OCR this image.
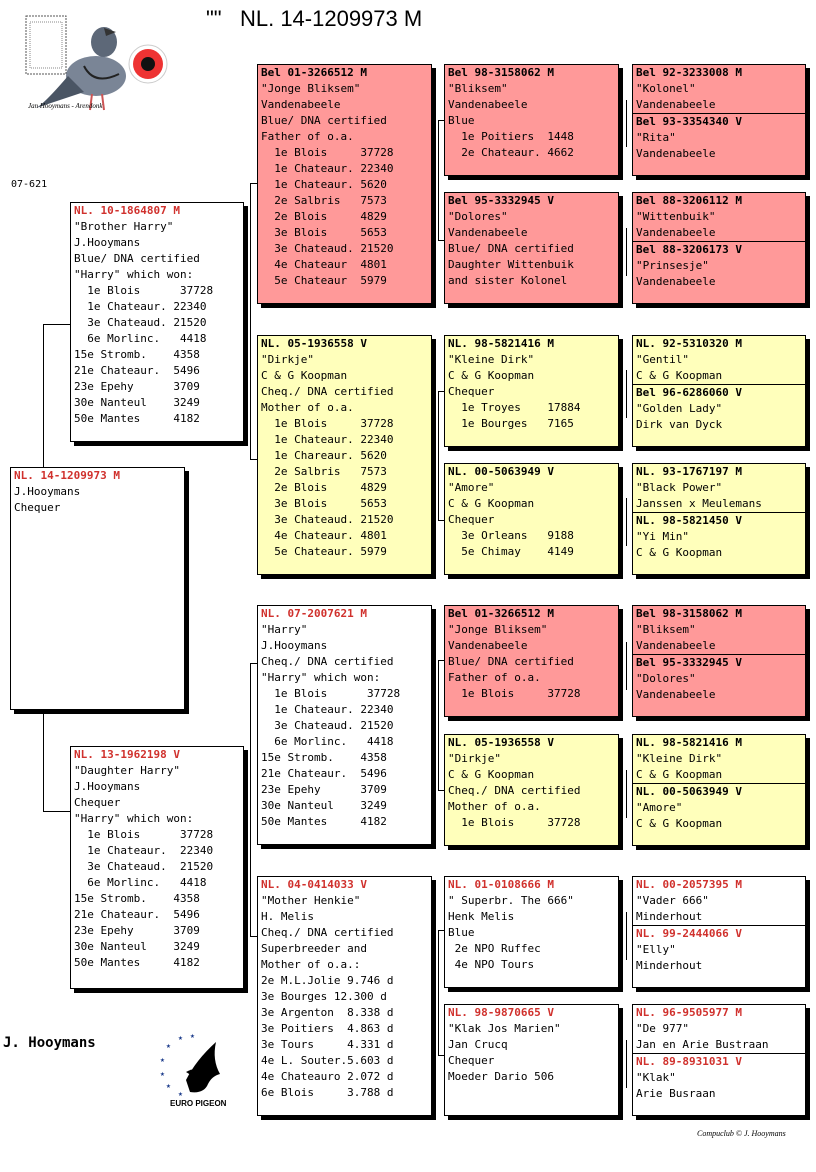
"" NL. 14-1209973 M
Jan Hooymans - Arendonk
07-621
J. Hooymans	★ ★
★
★
★
★
★
EURO PIGEON
Compuclub © J. Hooymans
NL. 14-1209973 M
J.Hooymans
Chequer
NL. 10-1864807 M
"Brother Harry"
J.Hooymans
Blue/ DNA certified
"Harry" which won:
1e Blois      37728
1e Chateaur. 22340
3e Chateaud. 21520
6e Morlinc.   4418
15e Stromb.    4358
21e Chateaur.  5496
23e Epehy      3709
30e Nanteul    3249
50e Mantes     4182
NL. 13-1962198 V
"Daughter Harry"
J.Hooymans
Chequer
"Harry" which won:
1e Blois      37728
1e Chateaur.  22340
3e Chateaud.  21520
6e Morlinc.   4418
15e Stromb.    4358
21e Chateaur.  5496
23e Epehy      3709
30e Nanteul    3249
50e Mantes     4182
Bel 01-3266512 M
"Jonge Bliksem"
Vandenabeele
Blue/ DNA certified
Father of o.a.
1e Blois     37728
1e Chateaur. 22340
1e Chateaur. 5620
2e Salbris   7573
2e Blois     4829
3e Blois     5653
3e Chateaud. 21520
4e Chateaur  4801
5e Chateaur  5979
NL. 05-1936558 V
"Dirkje"
C & G Koopman
Cheq./ DNA certified
Mother of o.a.
1e Blois     37728
1e Chateaur. 22340
1e Chareaur. 5620
2e Salbris   7573
2e Blois     4829
3e Blois     5653
3e Chateaud. 21520
4e Chateaur. 4801
5e Chateaur. 5979
NL. 07-2007621 M
"Harry"
J.Hooymans
Cheq./ DNA certified
"Harry" which won:
1e Blois      37728
1e Chateaur. 22340
3e Chateaud. 21520
6e Morlinc.   4418
15e Stromb.    4358
21e Chateaur.  5496
23e Epehy      3709
30e Nanteul    3249
50e Mantes     4182
NL. 04-0414033 V
"Mother Henkie"
H. Melis
Cheq./ DNA certified
Superbreeder and
Mother of o.a.:
2e M.L.Jolie 9.746 d
3e Bourges 12.300 d
3e Argenton  8.338 d
3e Poitiers  4.863 d
3e Tours     4.331 d
4e L. Souter.5.603 d
4e Chateauro 2.072 d
6e Blois     3.788 d
Bel 98-3158062 M
"Bliksem"
Vandenabeele
Blue
1e Poitiers  1448
2e Chateaur. 4662
Bel 95-3332945 V
"Dolores"
Vandenabeele
Blue/ DNA certified
Daughter Wittenbuik
and sister Kolonel
NL. 98-5821416 M
"Kleine Dirk"
C & G Koopman
Chequer
1e Troyes    17884
1e Bourges   7165
NL. 00-5063949 V
"Amore"
C & G Koopman
Chequer
3e Orleans   9188
5e Chimay    4149
Bel 01-3266512 M
"Jonge Bliksem"
Vandenabeele
Blue/ DNA certified
Father of o.a.
1e Blois     37728
NL. 05-1936558 V
"Dirkje"
C & G Koopman
Cheq./ DNA certified
Mother of o.a.
1e Blois     37728
NL. 01-0108666 M
" Superbr. The 666"
Henk Melis
Blue
2e NPO Ruffec
4e NPO Tours
NL. 98-9870665 V
"Klak Jos Marien"
Jan Crucq
Chequer
Moeder Dario 506
Bel 92-3233008 M
"Kolonel"
Vandenabeele
Bel 93-3354340 V
"Rita"
Vandenabeele
Bel 88-3206112 M
"Wittenbuik"
Vandenabeele
Bel 88-3206173 V
"Prinsesje"
Vandenabeele
NL. 92-5310320 M
"Gentil"
C & G Koopman
Bel 96-6286060 V
"Golden Lady"
Dirk van Dyck
NL. 93-1767197 M
"Black Power"
Janssen x Meulemans
NL. 98-5821450 V
"Yi Min"
C & G Koopman
Bel 98-3158062 M
"Bliksem"
Vandenabeele
Bel 95-3332945 V
"Dolores"
Vandenabeele
NL. 98-5821416 M
"Kleine Dirk"
C & G Koopman
NL. 00-5063949 V
"Amore"
C & G Koopman
NL. 00-2057395 M
"Vader 666"
Minderhout
NL. 99-2444066 V
"Elly"
Minderhout
NL. 96-9505977 M
"De 977"
Jan en Arie Bustraan
NL. 89-8931031 V
"Klak"
Arie Busraan
